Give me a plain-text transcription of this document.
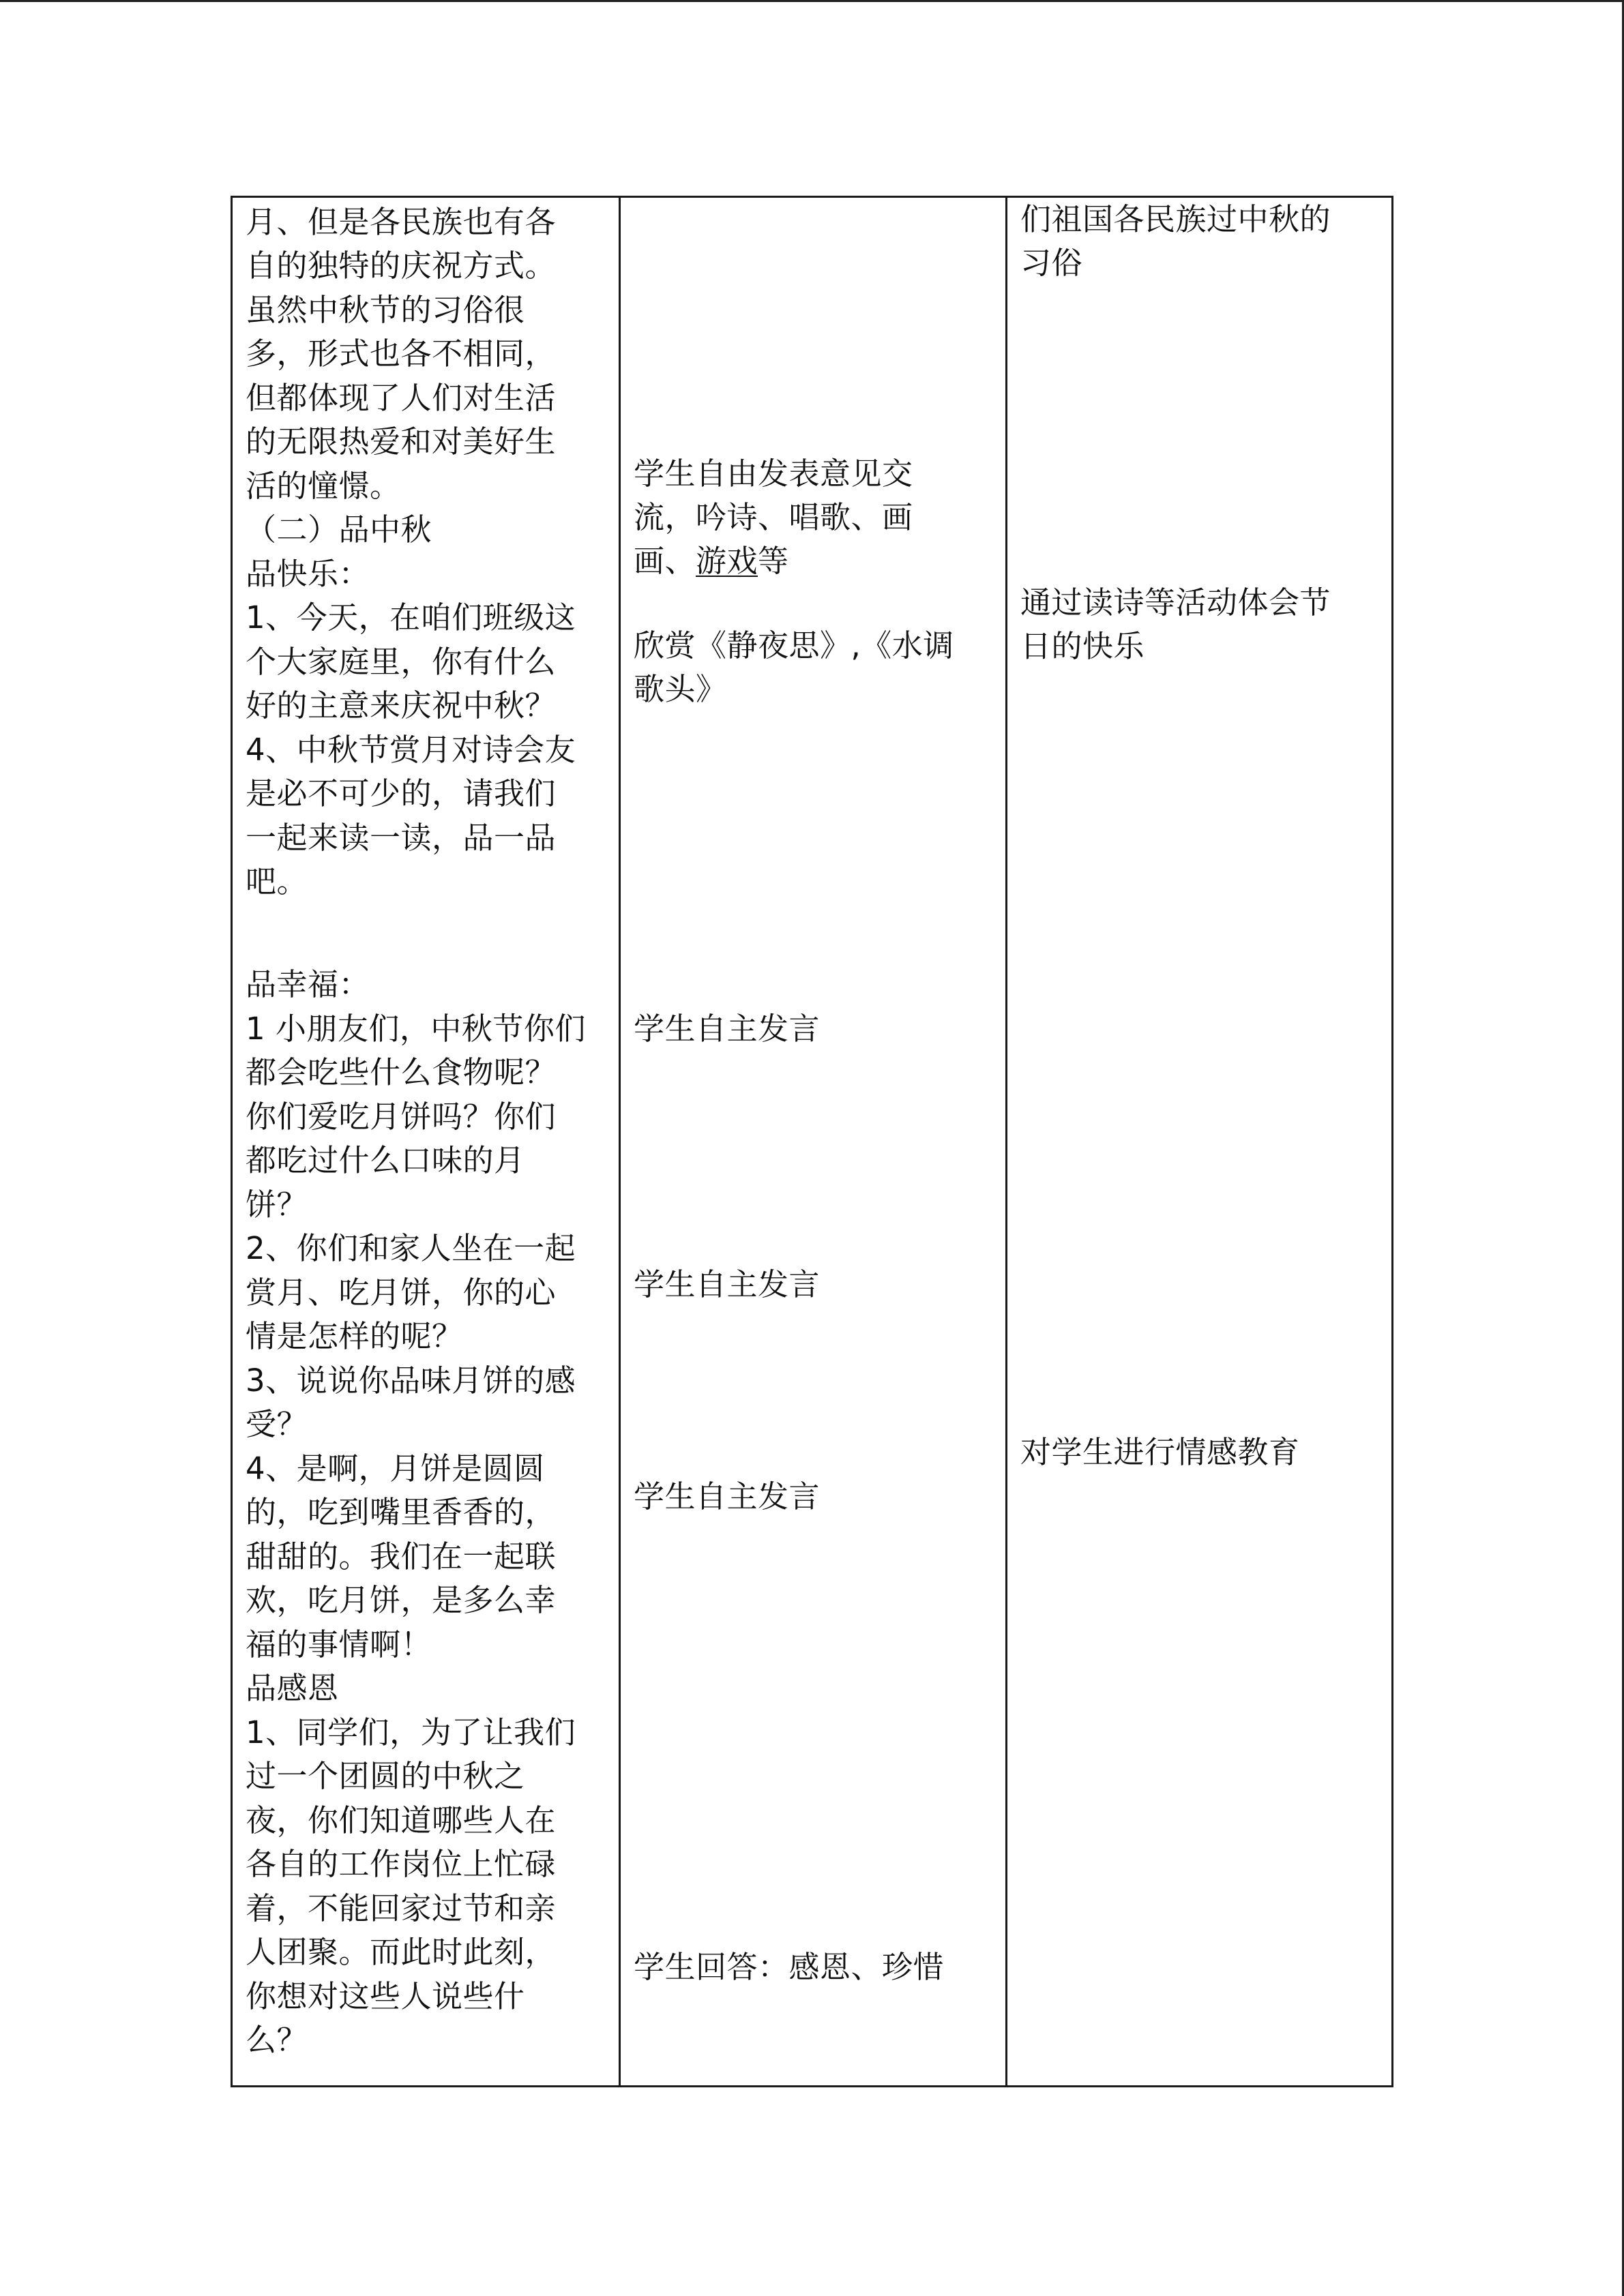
月、但是各民族也有各
自的独特的庆祝方式。
虽然中秋节的习俗很
多，形式也各不相同，
但都体现了人们对生活
的无限热爱和对美好生
活的憧憬。
（二）品中秋
品快乐：
1、今天，在咱们班级这
个大家庭里，你有什么
好的主意来庆祝中秋？
4、中秋节赏月对诗会友
是必不可少的，请我们
一起来读一读，品一品
吧。
品幸福：
1 小朋友们，中秋节你们
都会吃些什么食物呢？
你们爱吃月饼吗？你们
都吃过什么口味的月
饼？
2、你们和家人坐在一起
赏月、吃月饼，你的心
情是怎样的呢？
3、说说你品味月饼的感
受？
4、是啊，月饼是圆圆
的，吃到嘴里香香的，
甜甜的。我们在一起联
欢，吃月饼，是多么幸
福的事情啊！
品感恩
1、同学们，为了让我们
过一个团圆的中秋之
夜，你们知道哪些人在
各自的工作岗位上忙碌
着，不能回家过节和亲
人团聚。而此时此刻，
你想对这些人说些什
么？
学生自由发表意见交
流，吟诗、唱歌、画
画、游戏等
欣赏《静夜思》,《水调
歌头》
学生自主发言
学生自主发言
学生自主发言
学生回答：感恩、珍惜
们祖国各民族过中秋的
习俗
通过读诗等活动体会节
日的快乐
对学生进行情感教育
